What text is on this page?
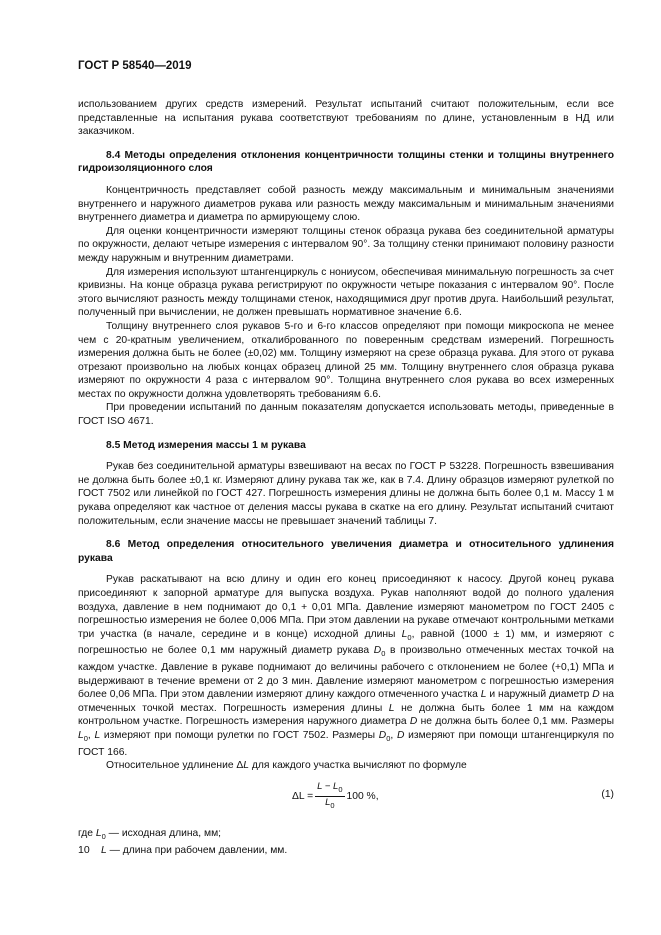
ГОСТ Р 58540—2019

использованием других средств измерений. Результат испытаний считают положительным, если все представленные на испытания рукава соответствуют требованиям по длине, установленным в НД или заказчиком.

8.4 Методы определения отклонения концентричности толщины стенки и толщины внутреннего гидроизоляционного слоя

Концентричность представляет собой разность между максимальным и минимальным значениями внутреннего и наружного диаметров рукава или разность между максимальным и минимальным значениями внутреннего диаметра и диаметра по армирующему слою.

Для оценки концентричности измеряют толщины стенок образца рукава без соединительной арматуры по окружности, делают четыре измерения с интервалом 90°. За толщину стенки принимают половину разности между наружным и внутренним диаметрами.

Для измерения используют штангенциркуль с нониусом, обеспечивая минимальную погрешность за счет кривизны. На конце образца рукава регистрируют по окружности четыре показания с интервалом 90°. После этого вычисляют разность между толщинами стенок, находящимися друг против друга. Наибольший результат, полученный при вычислении, не должен превышать нормативное значение 6.6.

Толщину внутреннего слоя рукавов 5-го и 6-го классов определяют при помощи микроскопа не менее чем с 20-кратным увеличением, откалиброванного по поверенным средствам измерений. Погрешность измерения должна быть не более (±0,02) мм. Толщину измеряют на срезе образца рукава. Для этого от рукава отрезают произвольно на любых концах образец длиной 25 мм. Толщину внутреннего слоя образца рукава измеряют по окружности 4 раза с интервалом 90°. Толщина внутреннего слоя рукава во всех измеренных местах по окружности должна удовлетворять требованиям 6.6.

При проведении испытаний по данным показателям допускается использовать методы, приведенные в ГОСТ ISO 4671.

8.5 Метод измерения массы 1 м рукава

Рукав без соединительной арматуры взвешивают на весах по ГОСТ Р 53228. Погрешность взвешивания не должна быть более ±0,1 кг. Измеряют длину рукава так же, как в 7.4. Длину образцов измеряют рулеткой по ГОСТ 7502 или линейкой по ГОСТ 427. Погрешность измерения длины не должна быть более 0,1 м. Массу 1 м рукава определяют как частное от деления массы рукава в скатке на его длину. Результат испытаний считают положительным, если значение массы не превышает значений таблицы 7.

8.6 Метод определения относительного увеличения диаметра и относительного удлинения рукава

Рукав раскатывают на всю длину и один его конец присоединяют к насосу. Другой конец рукава присоединяют к запорной арматуре для выпуска воздуха. Рукав наполняют водой до полного удаления воздуха, давление в нем поднимают до 0,1 + 0,01 МПа. Давление измеряют манометром по ГОСТ 2405 с погрешностью измерения не более 0,006 МПа. При этом давлении на рукаве отмечают контрольными метками три участка (в начале, середине и в конце) исходной длины $L_0$, равной (1000 ± 1) мм, и измеряют с погрешностью не более 0,1 мм наружный диаметр рукава $D_0$ в произвольно отмеченных местах точкой на каждом участке. Давление в рукаве поднимают до величины рабочего с отклонением не более (+0,1) МПа и выдерживают в течение времени от 2 до 3 мин. Давление измеряют манометром с погрешностью измерения более 0,06 МПа. При этом давлении измеряют длину каждого отмеченного участка L и наружный диаметр D на отмеченных точкой местах. Погрешность измерения длины L не должна быть более 1 мм на каждом контрольном участке. Погрешность измерения наружного диаметра D не должна быть более 0,1 мм. Размеры $L_0$, L измеряют при помощи рулетки по ГОСТ 7502. Размеры $D_0$, D измеряют при помощи штангенциркуля по ГОСТ 166.

Относительное удлинение ΔL для каждого участка вычисляют по формуле

$\Delta L = \frac{L - L_0}{L_0} 100$ %,	(1)

где $L_0$ — исходная длина, мм;

L — длина при рабочем давлении, мм.

10
